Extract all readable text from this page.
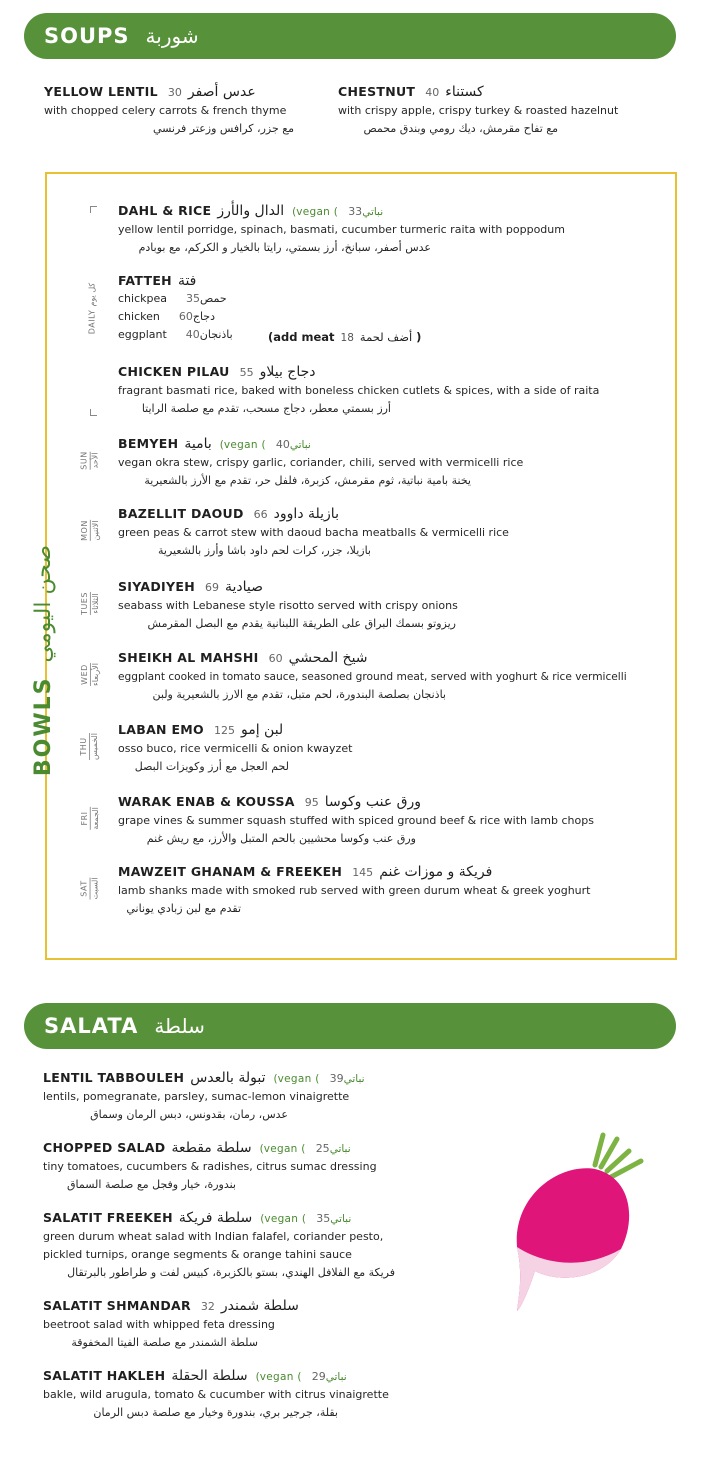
SOUPS شوربة
YELLOW LENTIL عدس أصفر30
with chopped celery carrots & french thyme
مع جزر، كرافس وزعتر فرنسي
CHESTNUT كستناء40
with crispy apple, crispy turkey & roasted hazelnut
مع تفاح مقرمش، ديك رومي وبندق محمص
BOWLSصحن اليومي
DAILY كل يوم
DAHL & RICE الدال والأرز (vegan (نباتي33
yellow lentil porridge, spinach, basmati, cucumber turmeric raita with poppodum
عدس أصفر، سبانخ، أرز بسمتي، رايتا بالخيار و الكركم، مع بوبادم
FATTEH فتة
chickpea	حمص35
chicken	دجاج60
eggplant	باذنجان40	(add meat أضف لحمة18	)
CHICKEN PILAU دجاج بيلاو55
fragrant basmati rice, baked with boneless chicken cutlets & spices, with a side of raita
أرز بسمتي معطر، دجاج مسحب، تقدم مع صلصة الرايتا
SUN الأحد
BEMYEH بامية (vegan (نباتي40
vegan okra stew, crispy garlic, coriander, chili, served with vermicelli rice
يخنة بامية نباتية، ثوم مقرمش، كزبرة، فلفل حر، تقدم مع الأرز بالشعيرية
MON الاثنين
BAZELLIT DAOUD بازيلة داوود66
green peas & carrot stew with daoud bacha meatballs & vermicelli rice
بازيلا، جزر، كرات لحم داود باشا وأرز بالشعيرية
TUES الثلاثاء
SIYADIYEH صيادية69
seabass with Lebanese style risotto served with crispy onions
ريزوتو بسمك البراق على الطريقة اللبنانية يقدم مع البصل المقرمش
WED الأربعاء
SHEIKH AL MAHSHI شيخ المحشي60
eggplant cooked in tomato sauce, seasoned ground meat, served with yoghurt & rice vermicelli
باذنجان بصلصة البندورة، لحم متبل، تقدم مع الارز بالشعيرية ولبن
THU الخميس
LABAN EMO	لبن إمو125
osso buco, rice vermicelli & onion kwayzet
لحم العجل مع أرز وكويزات البصل
FRI الجمعة
WARAK ENAB & KOUSSA ورق عنب وكوسا95
grape vines & summer squash stuffed with spiced ground beef & rice with lamb chops
ورق عنب وكوسا محشيين بالحم المتبل والأرز، مع ريش غنم
SAT السبت
MAWZEIT GHANAM & FREEKEH	فريكة و موزات غنم145
lamb shanks made with smoked rub served with green durum wheat & greek yoghurt
تقدم مع لبن زبادي يوناني
SALATA سلطة
LENTIL TABBOULEH تبولة بالعدس (vegan (نباتي39
lentils, pomegranate, parsley, sumac-lemon vinaigrette
عدس، رمان، بقدونس، دبس الرمان وسماق
CHOPPED SALAD سلطة مقطعة (vegan (نباتي25
tiny tomatoes, cucumbers & radishes, citrus sumac dressing
بندورة، خيار وفجل مع صلصة السماق
SALATIT FREEKEH سلطة فريكة (vegan (نباتي35
green durum wheat salad with Indian falafel, coriander pesto,
pickled turnips, orange segments & orange tahini sauce
فريكة مع الفلافل الهندي، بستو بالكزبرة، كبيس لفت و طراطور بالبرتقال
SALATIT SHMANDAR سلطة شمندر32
beetroot salad with whipped feta dressing
سلطة الشمندر مع صلصة الفيتا المخفوقة
SALATIT HAKLEH سلطة الحقلة (vegan (نباتي29
bakle, wild arugula, tomato & cucumber with citrus vinaigrette
بقلة، جرجير بري، بندورة وخيار مع صلصة دبس الرمان
